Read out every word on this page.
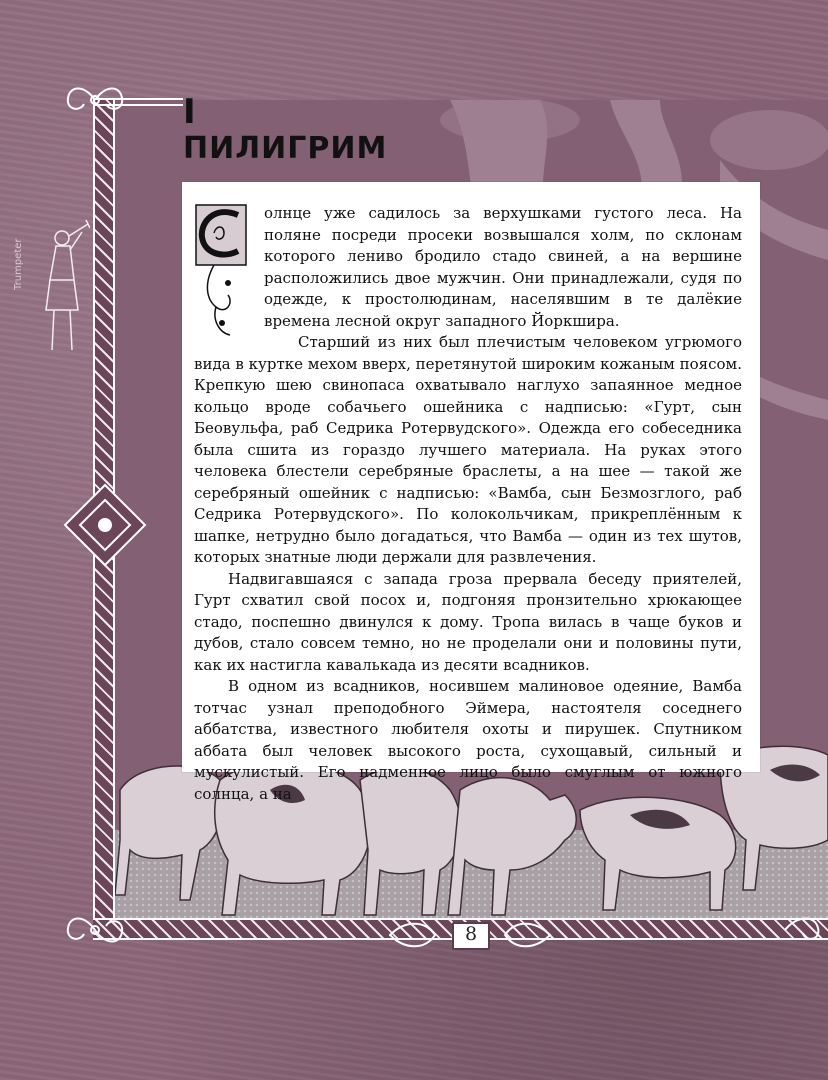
Trumpeter
I
ПИЛИГРИМ

олнце уже садилось за верхушками густого леса. На поляне посреди просеки возвышался холм, по склонам которого лениво бродило стадо свиней, а на вершине расположились двое мужчин. Они принадлежали, судя по одежде, к простолюдинам, населявшим в те далёкие времена лесной округ западного Йоркшира.

Старший из них был плечистым человеком угрюмого вида в куртке мехом вверх, перетянутой широким кожаным поясом. Крепкую шею свинопаса охватывало наглухо запаянное медное кольцо вроде собачьего ошейника с надписью: «Гурт, сын Беовульфа, раб Седрика Ротервудского». Одежда его собеседника была сшита из гораздо лучшего материала. На руках этого человека блестели серебряные браслеты, а на шее — такой же серебряный ошейник с надписью: «Вамба, сын Безмозглого, раб Седрика Ротервудского». По колокольчикам, прикреплённым к шапке, нетрудно было догадаться, что Вамба — один из тех шутов, которых знатные люди держали для развлечения.

Надвигавшаяся с запада гроза прервала беседу приятелей, Гурт схватил свой посох и, подгоняя пронзительно хрюкающее стадо, поспешно двинулся к дому. Тропа вилась в чаще буков и дубов, стало совсем темно, но не проделали они и половины пути, как их настигла кавалькада из десяти всадников.

В одном из всадников, носившем малиновое одеяние, Вамба тотчас узнал преподобного Эймера, настоятеля соседнего аббатства, известного любителя охоты и пирушек. Спутником аббата был человек высокого роста, сухощавый, сильный и мускулистый. Его надменное лицо было смуглым от южного солнца, а на

8
